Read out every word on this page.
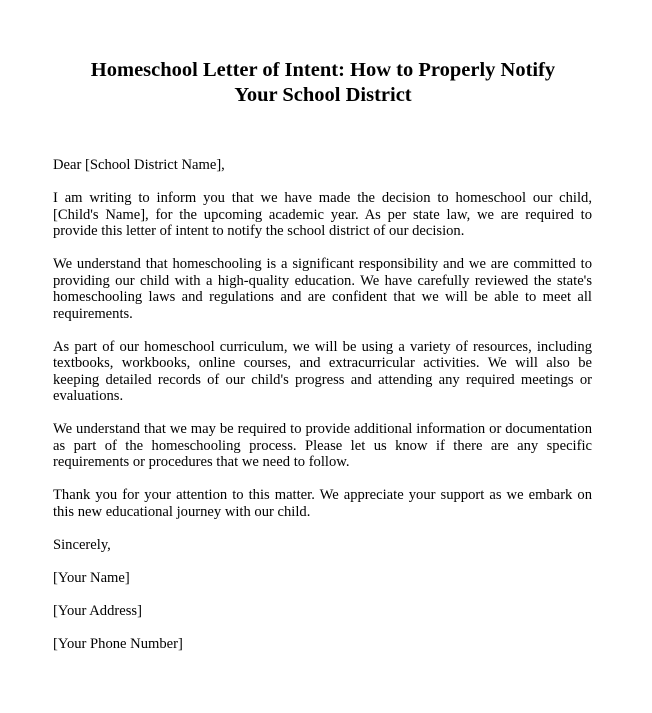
Homeschool Letter of Intent: How to Properly Notify
Your School District

Dear [School District Name],

I am writing to inform you that we have made the decision to homeschool our child, [Child's Name], for the upcoming academic year. As per state law, we are required to provide this letter of intent to notify the school district of our decision.

We understand that homeschooling is a significant responsibility and we are committed to providing our child with a high-quality education. We have carefully reviewed the state's homeschooling laws and regulations and are confident that we will be able to meet all requirements.

As part of our homeschool curriculum, we will be using a variety of resources, including textbooks, workbooks, online courses, and extracurricular activities. We will also be keeping detailed records of our child's progress and attending any required meetings or evaluations.

We understand that we may be required to provide additional information or documentation as part of the homeschooling process. Please let us know if there are any specific requirements or procedures that we need to follow.

Thank you for your attention to this matter. We appreciate your support as we embark on this new educational journey with our child.

Sincerely,

[Your Name]

[Your Address]

[Your Phone Number]
